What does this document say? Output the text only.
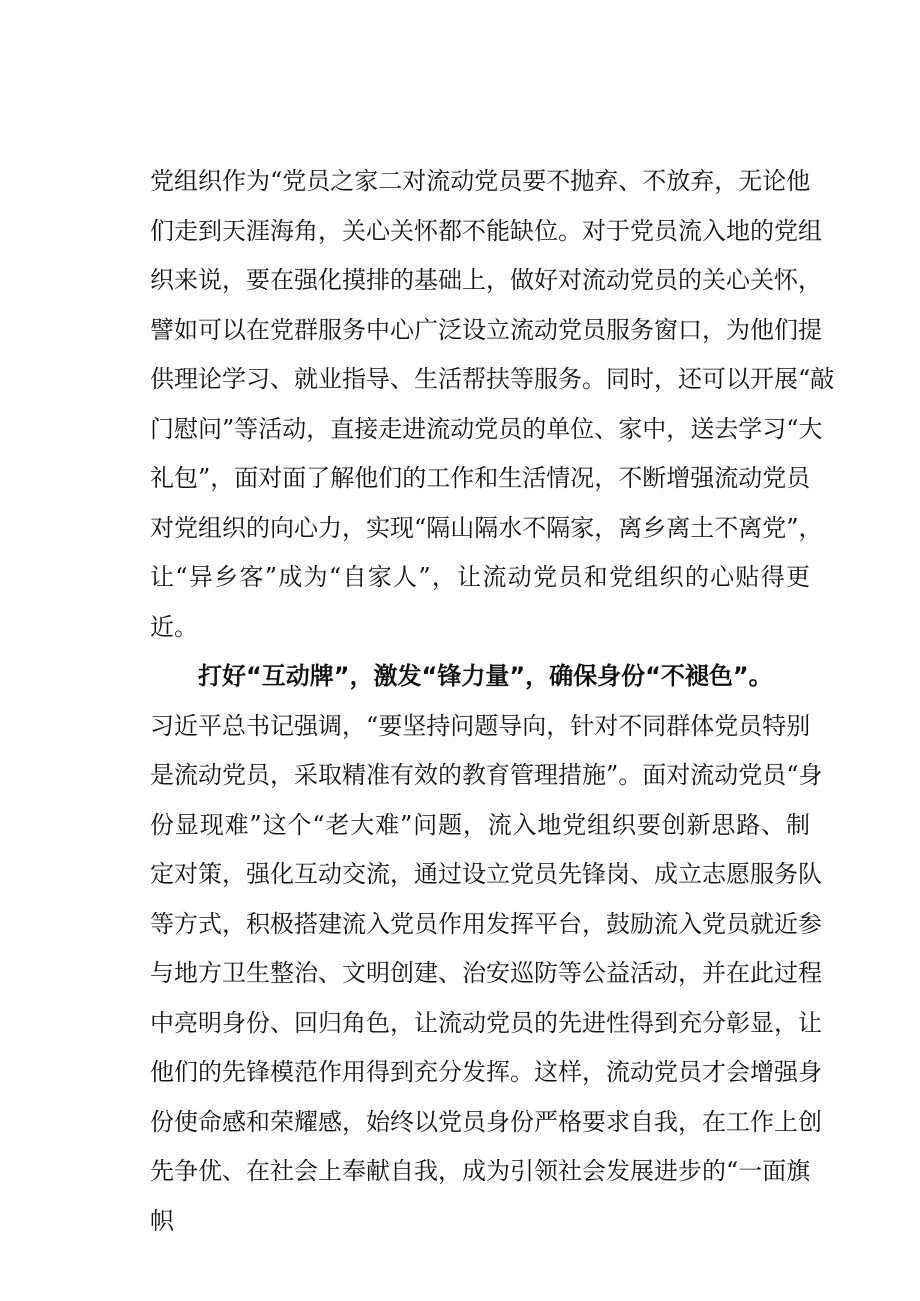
党组织作为“党员之家二对流动党员要不抛弃、不放弃，无论他
们走到天涯海角，关心关怀都不能缺位。对于党员流入地的党组
织来说，要在强化摸排的基础上，做好对流动党员的关心关怀，
譬如可以在党群服务中心广泛设立流动党员服务窗口，为他们提
供理论学习、就业指导、生活帮扶等服务。同时，还可以开展“敲
门慰问”等活动，直接走进流动党员的单位、家中，送去学习“大
礼包”，面对面了解他们的工作和生活情况，不断增强流动党员
对党组织的向心力，实现“隔山隔水不隔家，离乡离土不离党”，
让“异乡客”成为“自家人”，让流动党员和党组织的心贴得更
近。
打好“互动牌”，激发“锋力量”，确保身份“不褪色”。
习近平总书记强调，“要坚持问题导向，针对不同群体党员特别
是流动党员，采取精准有效的教育管理措施”。面对流动党员“身
份显现难”这个“老大难”问题，流入地党组织要创新思路、制
定对策，强化互动交流，通过设立党员先锋岗、成立志愿服务队
等方式，积极搭建流入党员作用发挥平台，鼓励流入党员就近参
与地方卫生整治、文明创建、治安巡防等公益活动，并在此过程
中亮明身份、回归角色，让流动党员的先进性得到充分彰显，让
他们的先锋模范作用得到充分发挥。这样，流动党员才会增强身
份使命感和荣耀感，始终以党员身份严格要求自我，在工作上创
先争优、在社会上奉献自我，成为引领社会发展进步的“一面旗
帜
